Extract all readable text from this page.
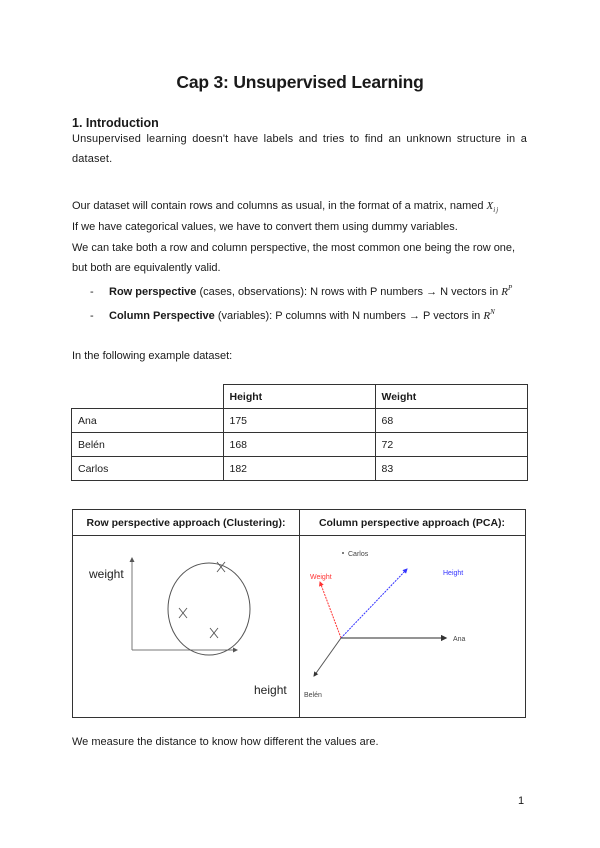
Cap 3: Unsupervised Learning
1. Introduction
Unsupervised learning doesn't have labels and tries to find an unknown structure in a dataset.
Our dataset will contain rows and columns as usual, in the format of a matrix, named $X_{ij}$
If we have categorical values, we have to convert them using dummy variables.
We can take both a row and column perspective, the most common one being the row one, but both are equivalently valid.
- Row perspective (cases, observations): N rows with P numbers → N vectors in $R^P$
- Column Perspective (variables): P columns with N numbers → P vectors in $R^N$
In the following example dataset:
	Height	Weight
Ana	175	68
Belén	168	72
Carlos	182	83
Row perspective approach (Clustering):	Column perspective approach (PCA):
weight
height
Carlos
Weight
Height
Ana
Belén
We measure the distance to know how different the values are.
1
